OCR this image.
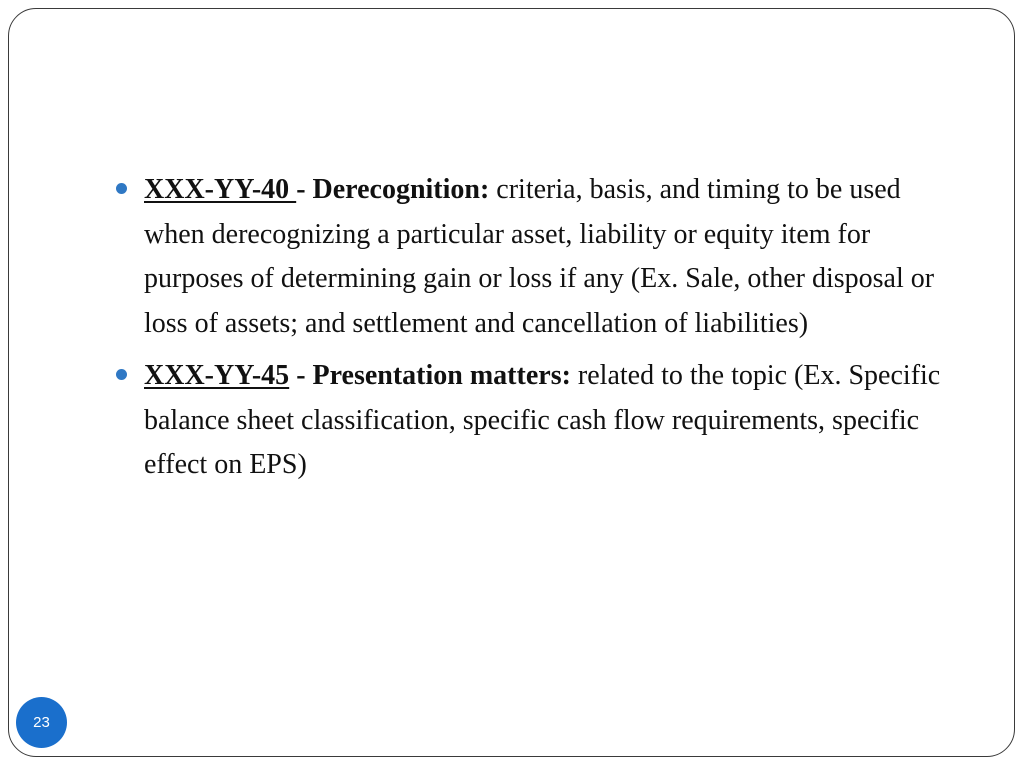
XXX-YY-40 - Derecognition: criteria, basis, and timing to be used when derecognizing a particular asset, liability or equity item for purposes of determining gain or loss if any (Ex. Sale, other disposal or loss of assets; and settlement and cancellation of liabilities)
XXX-YY-45 - Presentation matters: related to the topic (Ex. Specific balance sheet classification, specific cash flow requirements, specific effect on EPS)
23
